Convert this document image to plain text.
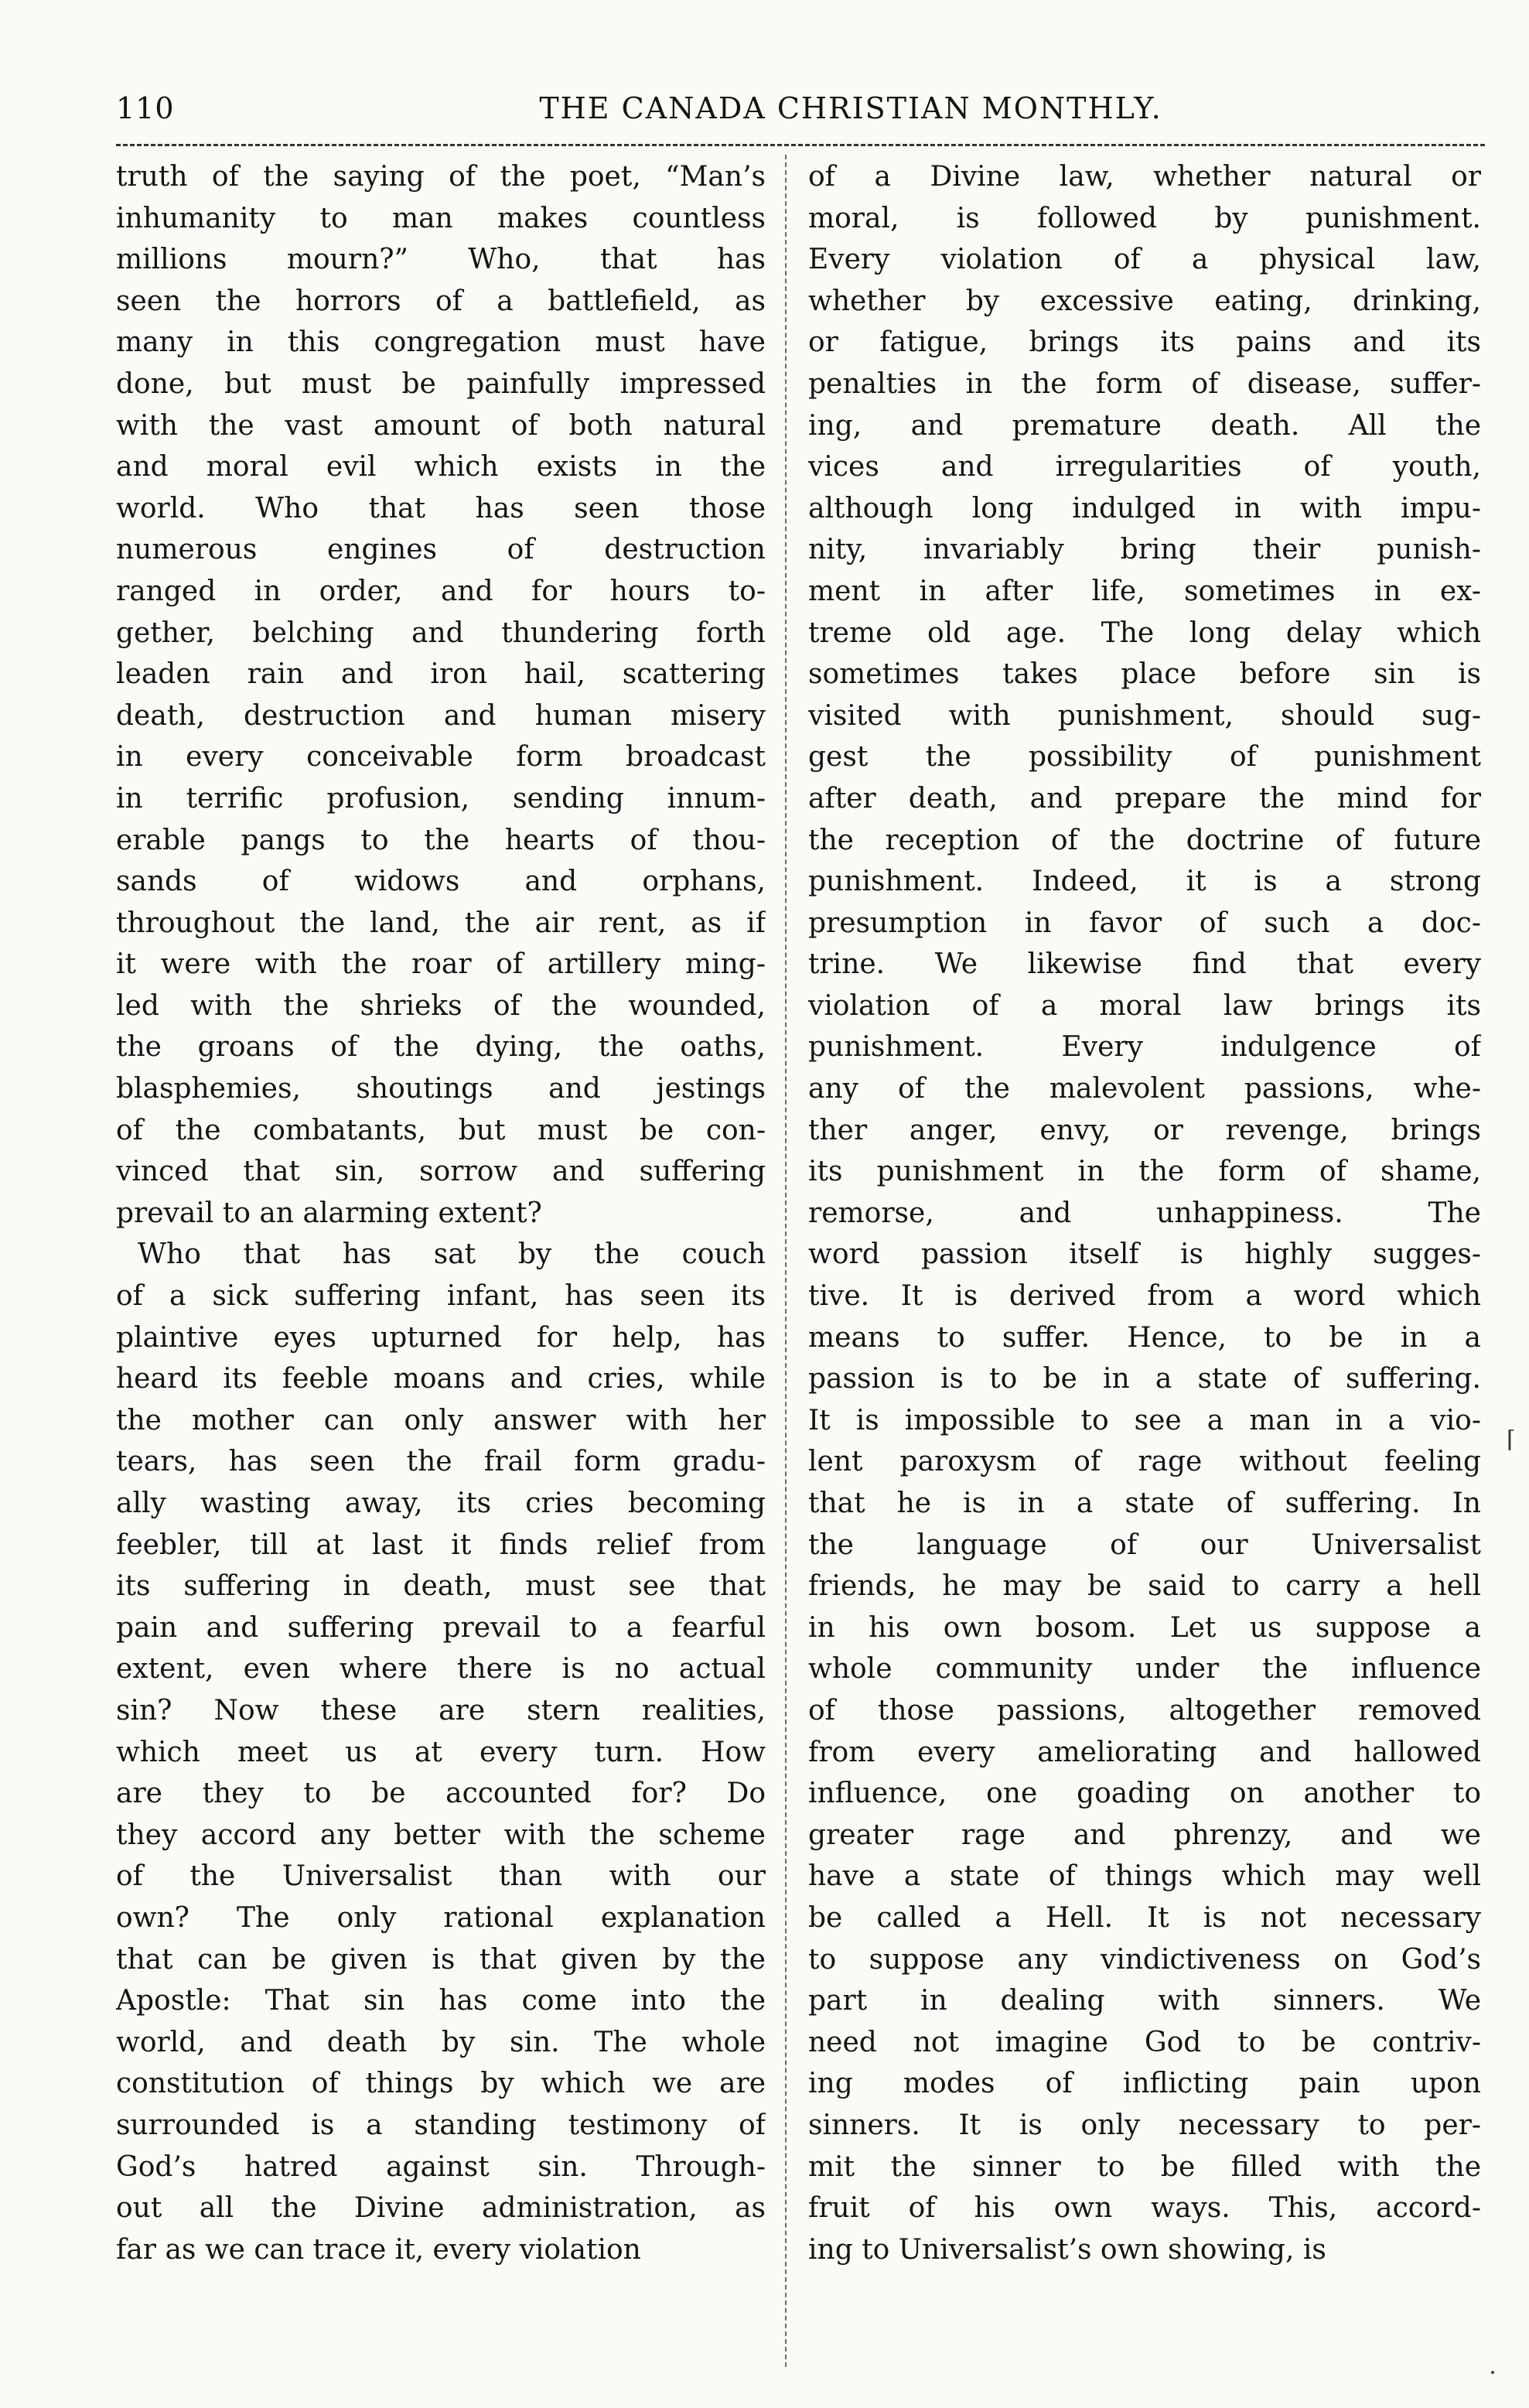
110	THE CANADA CHRISTIAN MONTHLY.
truth of the saying of the poet, “Man’s
inhumanity to man makes countless
millions mourn?” Who, that has
seen the horrors of a battlefield, as
many in this congregation must have
done, but must be painfully impressed
with the vast amount of both natural
and moral evil which exists in the
world. Who that has seen those
numerous engines of destruction
ranged in order, and for hours to-
gether, belching and thundering forth
leaden rain and iron hail, scattering
death, destruction and human misery
in every conceivable form broadcast
in terrific profusion, sending innum-
erable pangs to the hearts of thou-
sands of widows and orphans,
throughout the land, the air rent, as if
it were with the roar of artillery ming-
led with the shrieks of the wounded,
the groans of the dying, the oaths,
blasphemies, shoutings and jestings
of the combatants, but must be con-
vinced that sin, sorrow and suffering
prevail to an alarming extent?
Who that has sat by the couch
of a sick suffering infant, has seen its
plaintive eyes upturned for help, has
heard its feeble moans and cries, while
the mother can only answer with her
tears, has seen the frail form gradu-
ally wasting away, its cries becoming
feebler, till at last it finds relief from
its suffering in death, must see that
pain and suffering prevail to a fearful
extent, even where there is no actual
sin? Now these are stern realities,
which meet us at every turn. How
are they to be accounted for? Do
they accord any better with the scheme
of the Universalist than with our
own? The only rational explanation
that can be given is that given by the
Apostle: That sin has come into the
world, and death by sin. The whole
constitution of things by which we are
surrounded is a standing testimony of
God’s hatred against sin. Through-
out all the Divine administration, as
far as we can trace it, every violation
of a Divine law, whether natural or
moral, is followed by punishment.
Every violation of a physical law,
whether by excessive eating, drinking,
or fatigue, brings its pains and its
penalties in the form of disease, suffer-
ing, and premature death. All the
vices and irregularities of youth,
although long indulged in with impu-
nity, invariably bring their punish-
ment in after life, sometimes in ex-
treme old age. The long delay which
sometimes takes place before sin is
visited with punishment, should sug-
gest the possibility of punishment
after death, and prepare the mind for
the reception of the doctrine of future
punishment. Indeed, it is a strong
presumption in favor of such a doc-
trine. We likewise find that every
violation of a moral law brings its
punishment. Every indulgence of
any of the malevolent passions, whe-
ther anger, envy, or revenge, brings
its punishment in the form of shame,
remorse, and unhappiness. The
word passion itself is highly sugges-
tive. It is derived from a word which
means to suffer. Hence, to be in a
passion is to be in a state of suffering.
It is impossible to see a man in a vio-
lent paroxysm of rage without feeling
that he is in a state of suffering. In
the language of our Universalist
friends, he may be said to carry a hell
in his own bosom. Let us suppose a
whole community under the influence
of those passions, altogether removed
from every ameliorating and hallowed
influence, one goading on another to
greater rage and phrenzy, and we
have a state of things which may well
be called a Hell. It is not necessary
to suppose any vindictiveness on God’s
part in dealing with sinners. We
need not imagine God to be contriv-
ing modes of inflicting pain upon
sinners. It is only necessary to per-
mit the sinner to be filled with the
fruit of his own ways. This, accord-
ing to Universalist’s own showing, is
⌈
